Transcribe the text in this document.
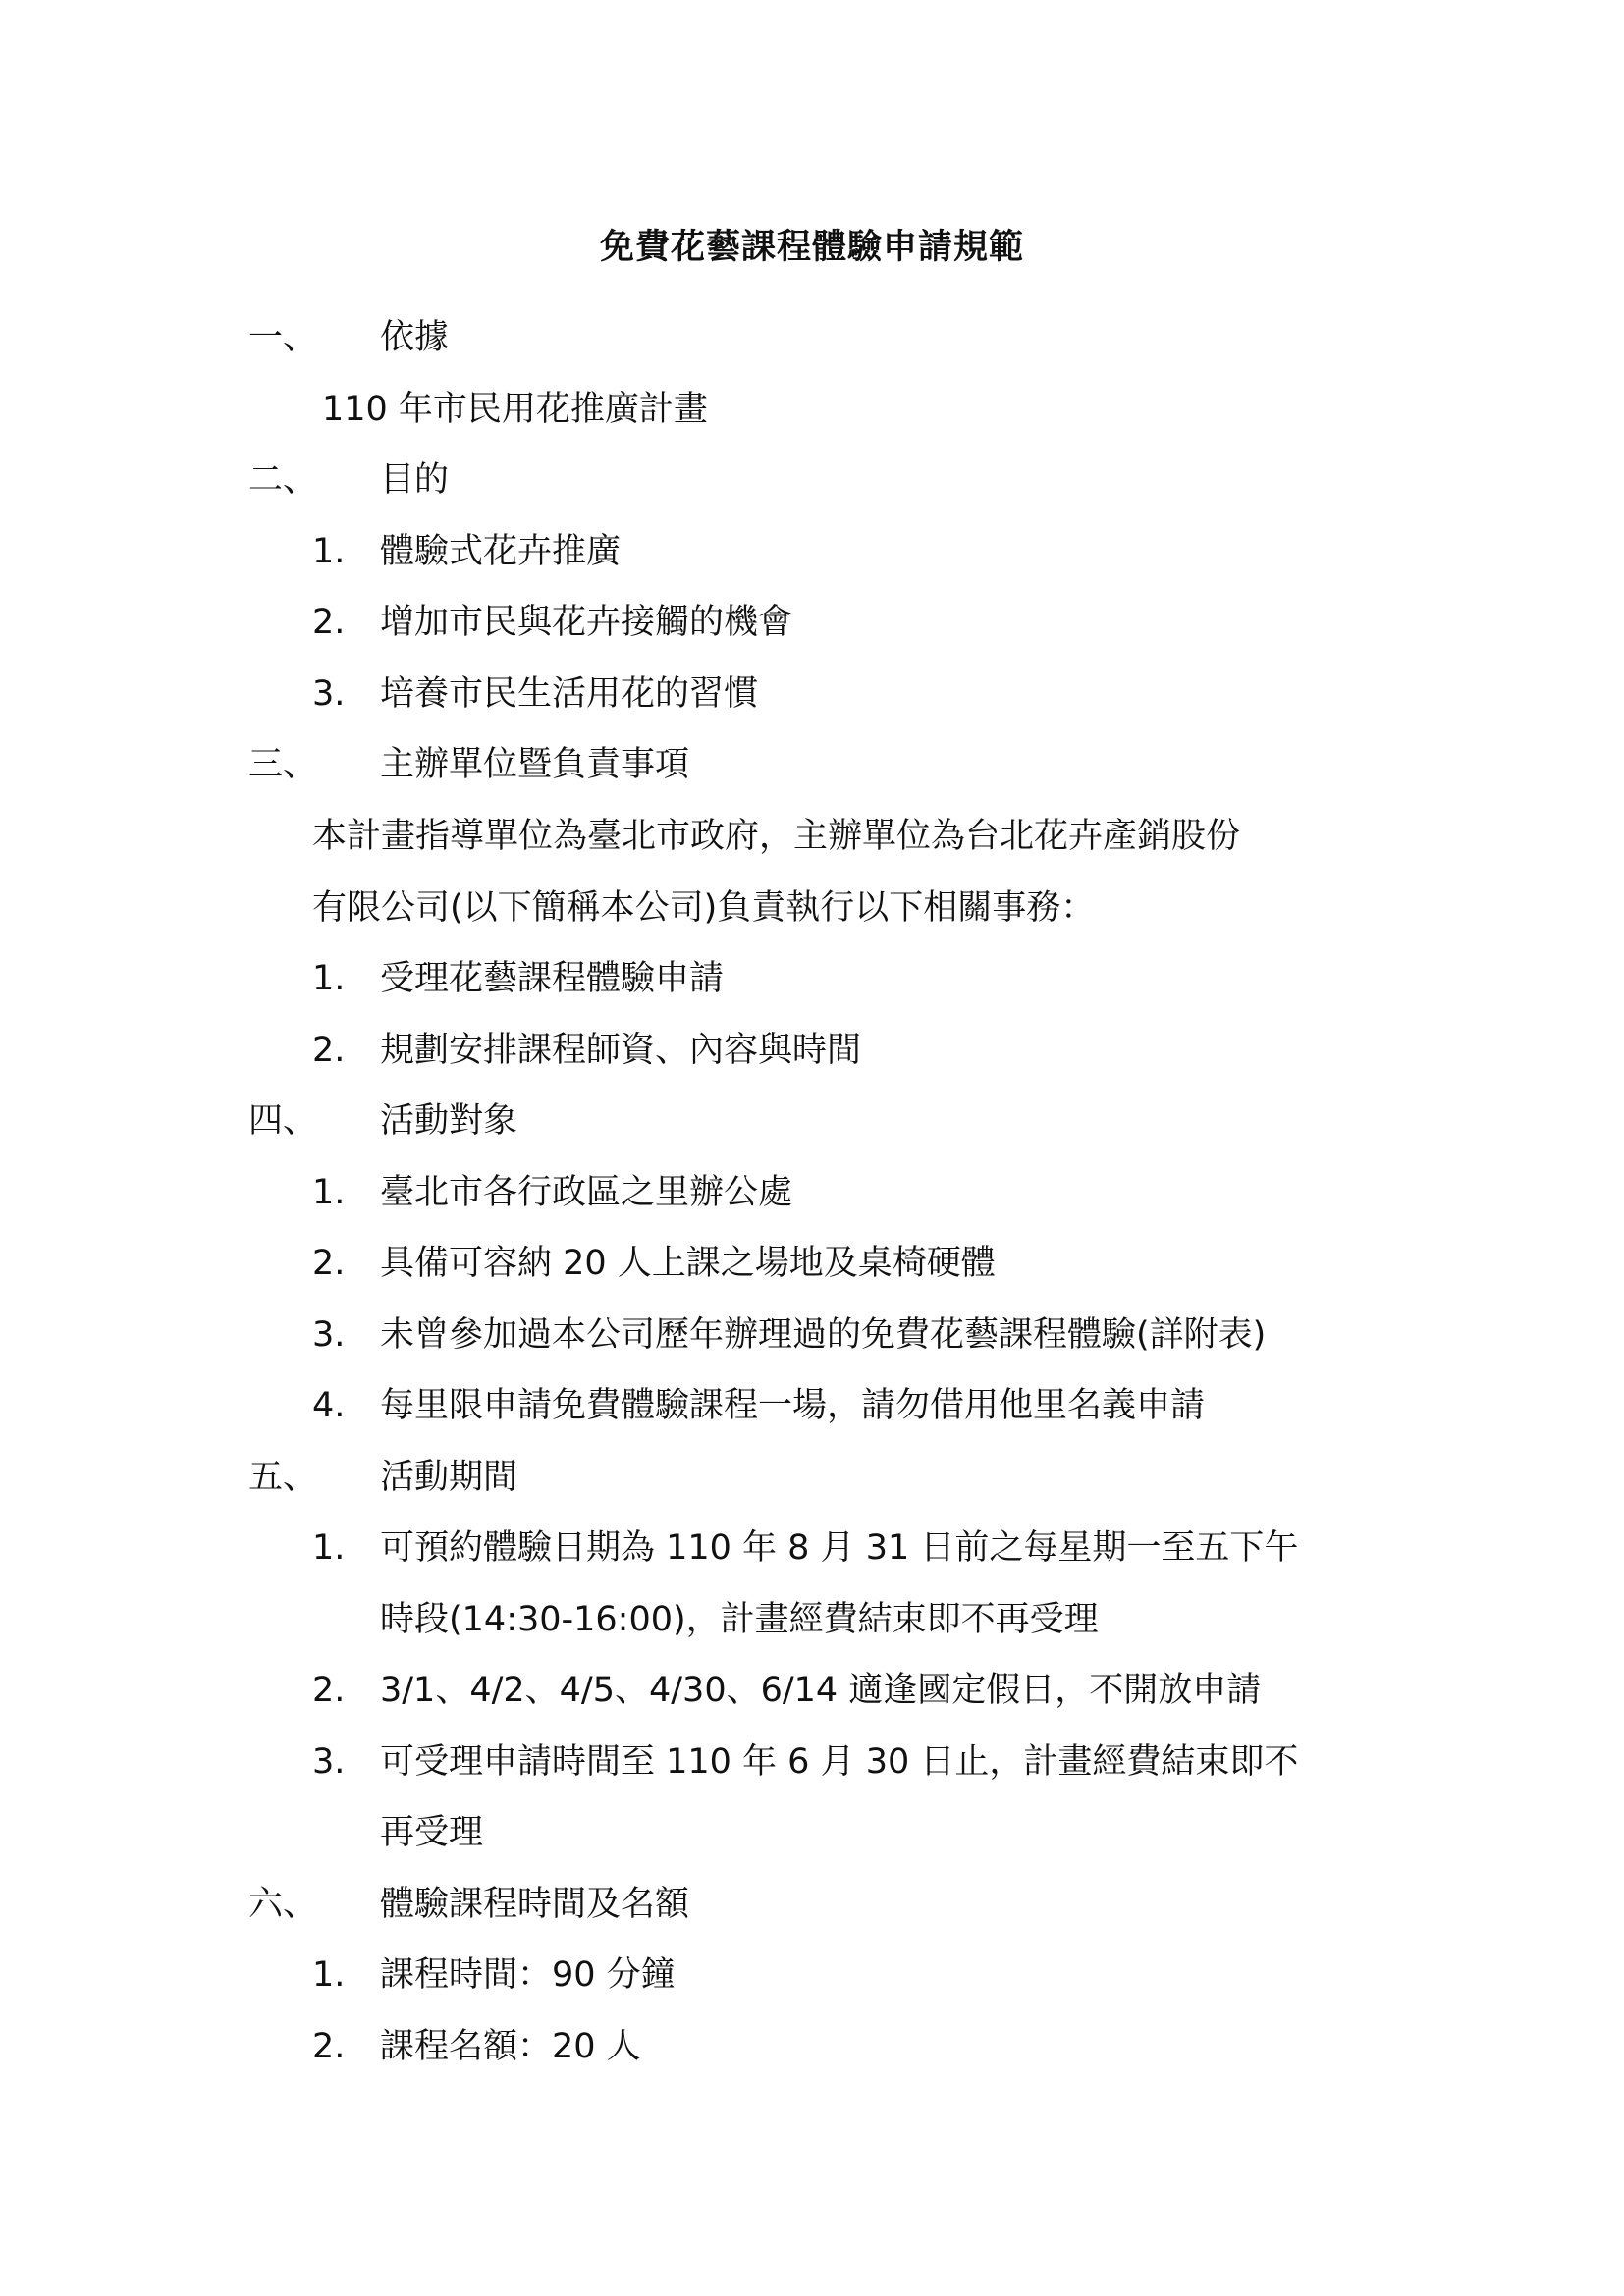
免費花藝課程體驗申請規範
一、 依據
110 年市民用花推廣計畫
二、 目的
1. 體驗式花卉推廣
2. 增加市民與花卉接觸的機會
3. 培養市民生活用花的習慣
三、 主辦單位暨負責事項
本計畫指導單位為臺北市政府，主辦單位為台北花卉產銷股份
有限公司(以下簡稱本公司)負責執行以下相關事務：
1. 受理花藝課程體驗申請
2. 規劃安排課程師資、內容與時間
四、 活動對象
1. 臺北市各行政區之里辦公處
2. 具備可容納 20 人上課之場地及桌椅硬體
3. 未曾參加過本公司歷年辦理過的免費花藝課程體驗(詳附表)
4. 每里限申請免費體驗課程一場，請勿借用他里名義申請
五、 活動期間
1. 可預約體驗日期為 110 年 8 月 31 日前之每星期一至五下午
時段(14:30-16:00)，計畫經費結束即不再受理
2. 3/1、4/2、4/5、4/30、6/14 適逢國定假日，不開放申請
3. 可受理申請時間至 110 年 6 月 30 日止，計畫經費結束即不
再受理
六、 體驗課程時間及名額
1. 課程時間：90 分鐘
2. 課程名額：20 人
